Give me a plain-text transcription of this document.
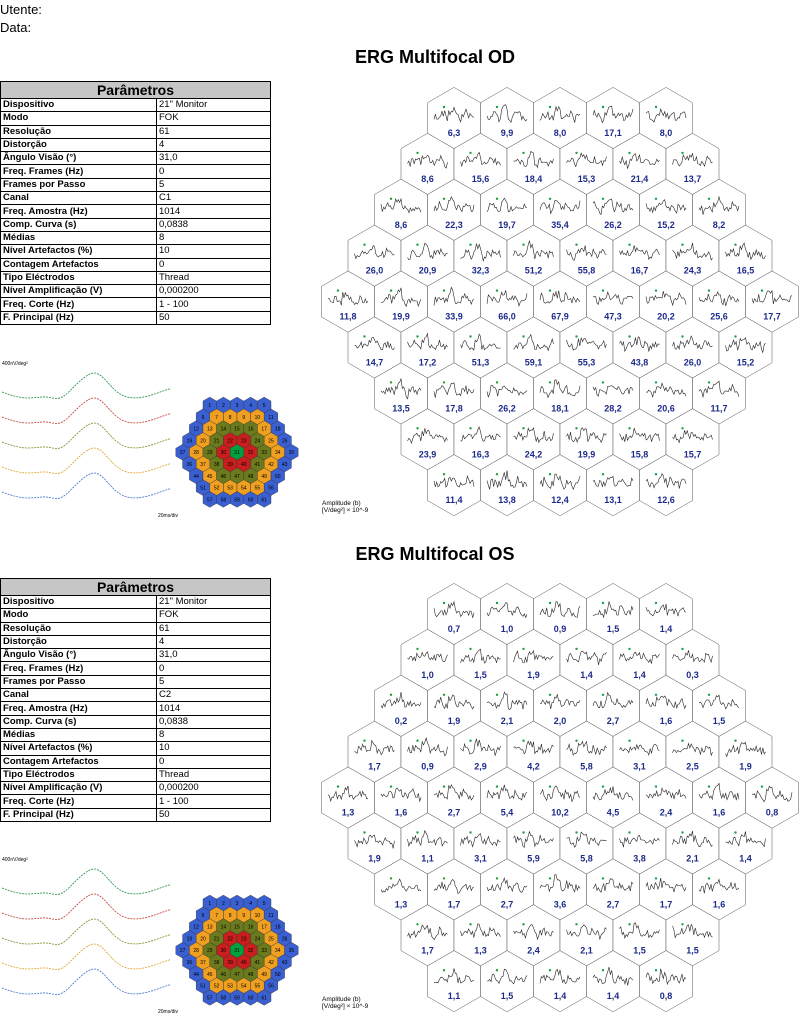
Utente:
Data:
ERG Multifocal OD
Parâmetros	
Dispositivo	21" Monitor
Modo	FOK
Resolução	61
Distorção	4
Ângulo Visão (°)	31,0
Freq. Frames (Hz)	0
Frames por Passo	5
Canal	C1
Freq. Amostra (Hz)	1014
Comp. Curva (s)	0,0838
Médias	8
Nível Artefactos (%)	10
Contagem Artefactos	0
Tipo Eléctrodos	Thread
Nível Amplificação (V)	0,000200
Freq. Corte (Hz)	1 - 100
F. Principal (Hz)	50
400nV/deg²
20ms/div
1 2 3 4 5
6 7 8 9 10 11
12 13 14 15 16 17 18
19 20 21 22 23 24 25 26
27 28 29 30 31 32 33 34 35
36 37 38 39 40 41 42 43
44 45 46 47 48 49 50
51 52 53 54 55 56
57 58 59 60 61
6,3	9,9	8,0	17,1	8,0
8,6	15,6	18,4	15,3	21,4	13,7
8,6	22,3	19,7	35,4	26,2	15,2	8,2
26,0	20,9	32,3	51,2	55,8	16,7	24,3	16,5
11,8	19,9	33,9	66,0	67,9	47,3	20,2	25,6	17,7
14,7	17,2	51,3	59,1	55,3	43,8	26,0	15,2
13,5	17,8	26,2	18,1	28,2	20,6	11,7
23,9	16,3	24,2	19,9	15,8	15,7
11,4	13,8	12,4	13,1	12,6
Amplitude (b)
[V/deg²] × 10^-9
ERG Multifocal OS
Parâmetros	
Dispositivo	21" Monitor
Modo	FOK
Resolução	61
Distorção	4
Ângulo Visão (°)	31,0
Freq. Frames (Hz)	0
Frames por Passo	5
Canal	C2
Freq. Amostra (Hz)	1014
Comp. Curva (s)	0,0838
Médias	8
Nível Artefactos (%)	10
Contagem Artefactos	0
Tipo Eléctrodos	Thread
Nível Amplificação (V)	0,000200
Freq. Corte (Hz)	1 - 100
F. Principal (Hz)	50
400nV/deg²
20ms/div
1 2 3 4 5
6 7 8 9 10 11
12 13 14 15 16 17 18
19 20 21 22 23 24 25 26
27 28 29 30 31 32 33 34 35
36 37 38 39 40 41 42 43
44 45 46 47 48 49 50
51 52 53 54 55 56
57 58 59 60 61
0,7	1,0	0,9	1,5	1,4
1,0	1,5	1,9	1,4	1,4	0,3
0,2	1,9	2,1	2,0	2,7	1,6	1,5
1,7	0,9	2,9	4,2	5,8	3,1	2,5	1,9
1,3	1,6	2,7	5,4	10,2	4,5	2,4	1,6	0,8
1,9	1,1	3,1	5,9	5,8	3,8	2,1	1,4
1,3	1,7	2,7	3,6	2,7	1,7	1,6
1,7	1,3	2,4	2,1	1,5	1,5
1,1	1,5	1,4	1,4	0,8
Amplitude (b)
[V/deg²] × 10^-9
